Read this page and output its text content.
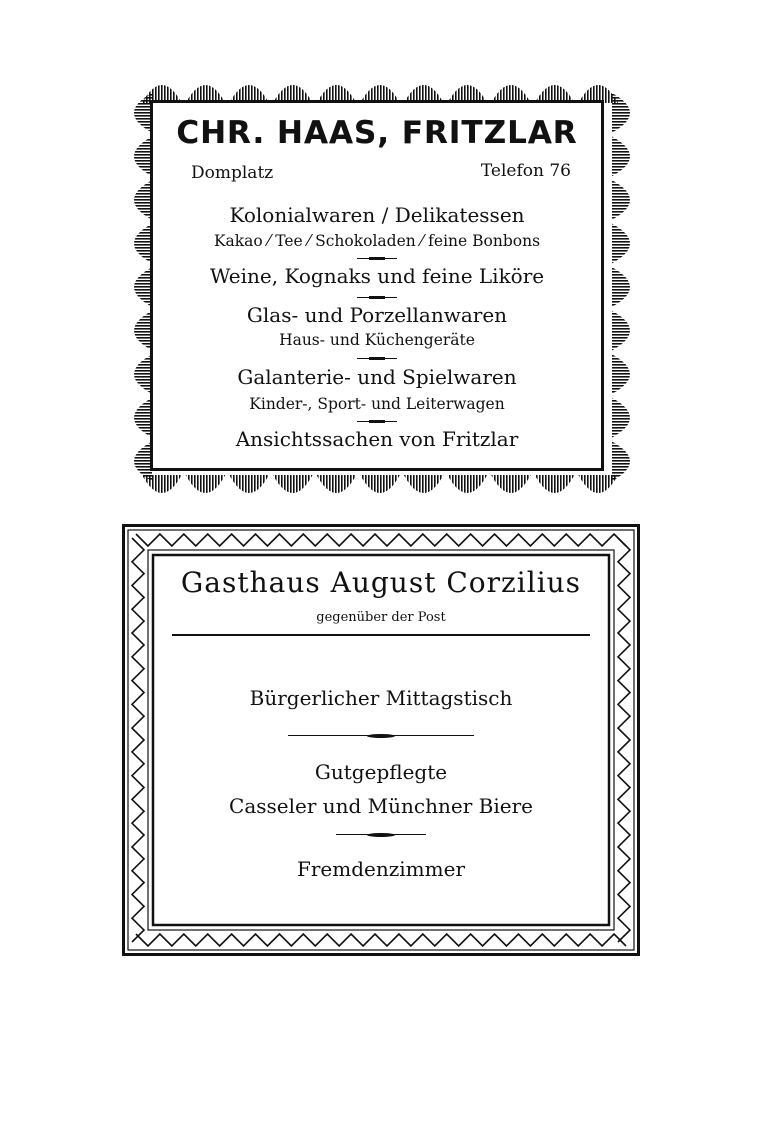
CHR. HAAS, FRITZLAR
Domplatz	Telefon 76
Kolonialwaren / Delikatessen
Kakao ⁄ Tee ⁄ Schokoladen ⁄ feine Bonbons
Weine, Kognaks und feine Liköre
Glas- und Porzellanwaren
Haus- und Küchengeräte
Galanterie- und Spielwaren
Kinder-, Sport- und Leiterwagen
Ansichtssachen von Fritzlar
Gasthaus August Corzilius
gegenüber der Post
Bürgerlicher Mittagstisch
Gutgepflegte
Casseler und Münchner Biere
Fremdenzimmer
